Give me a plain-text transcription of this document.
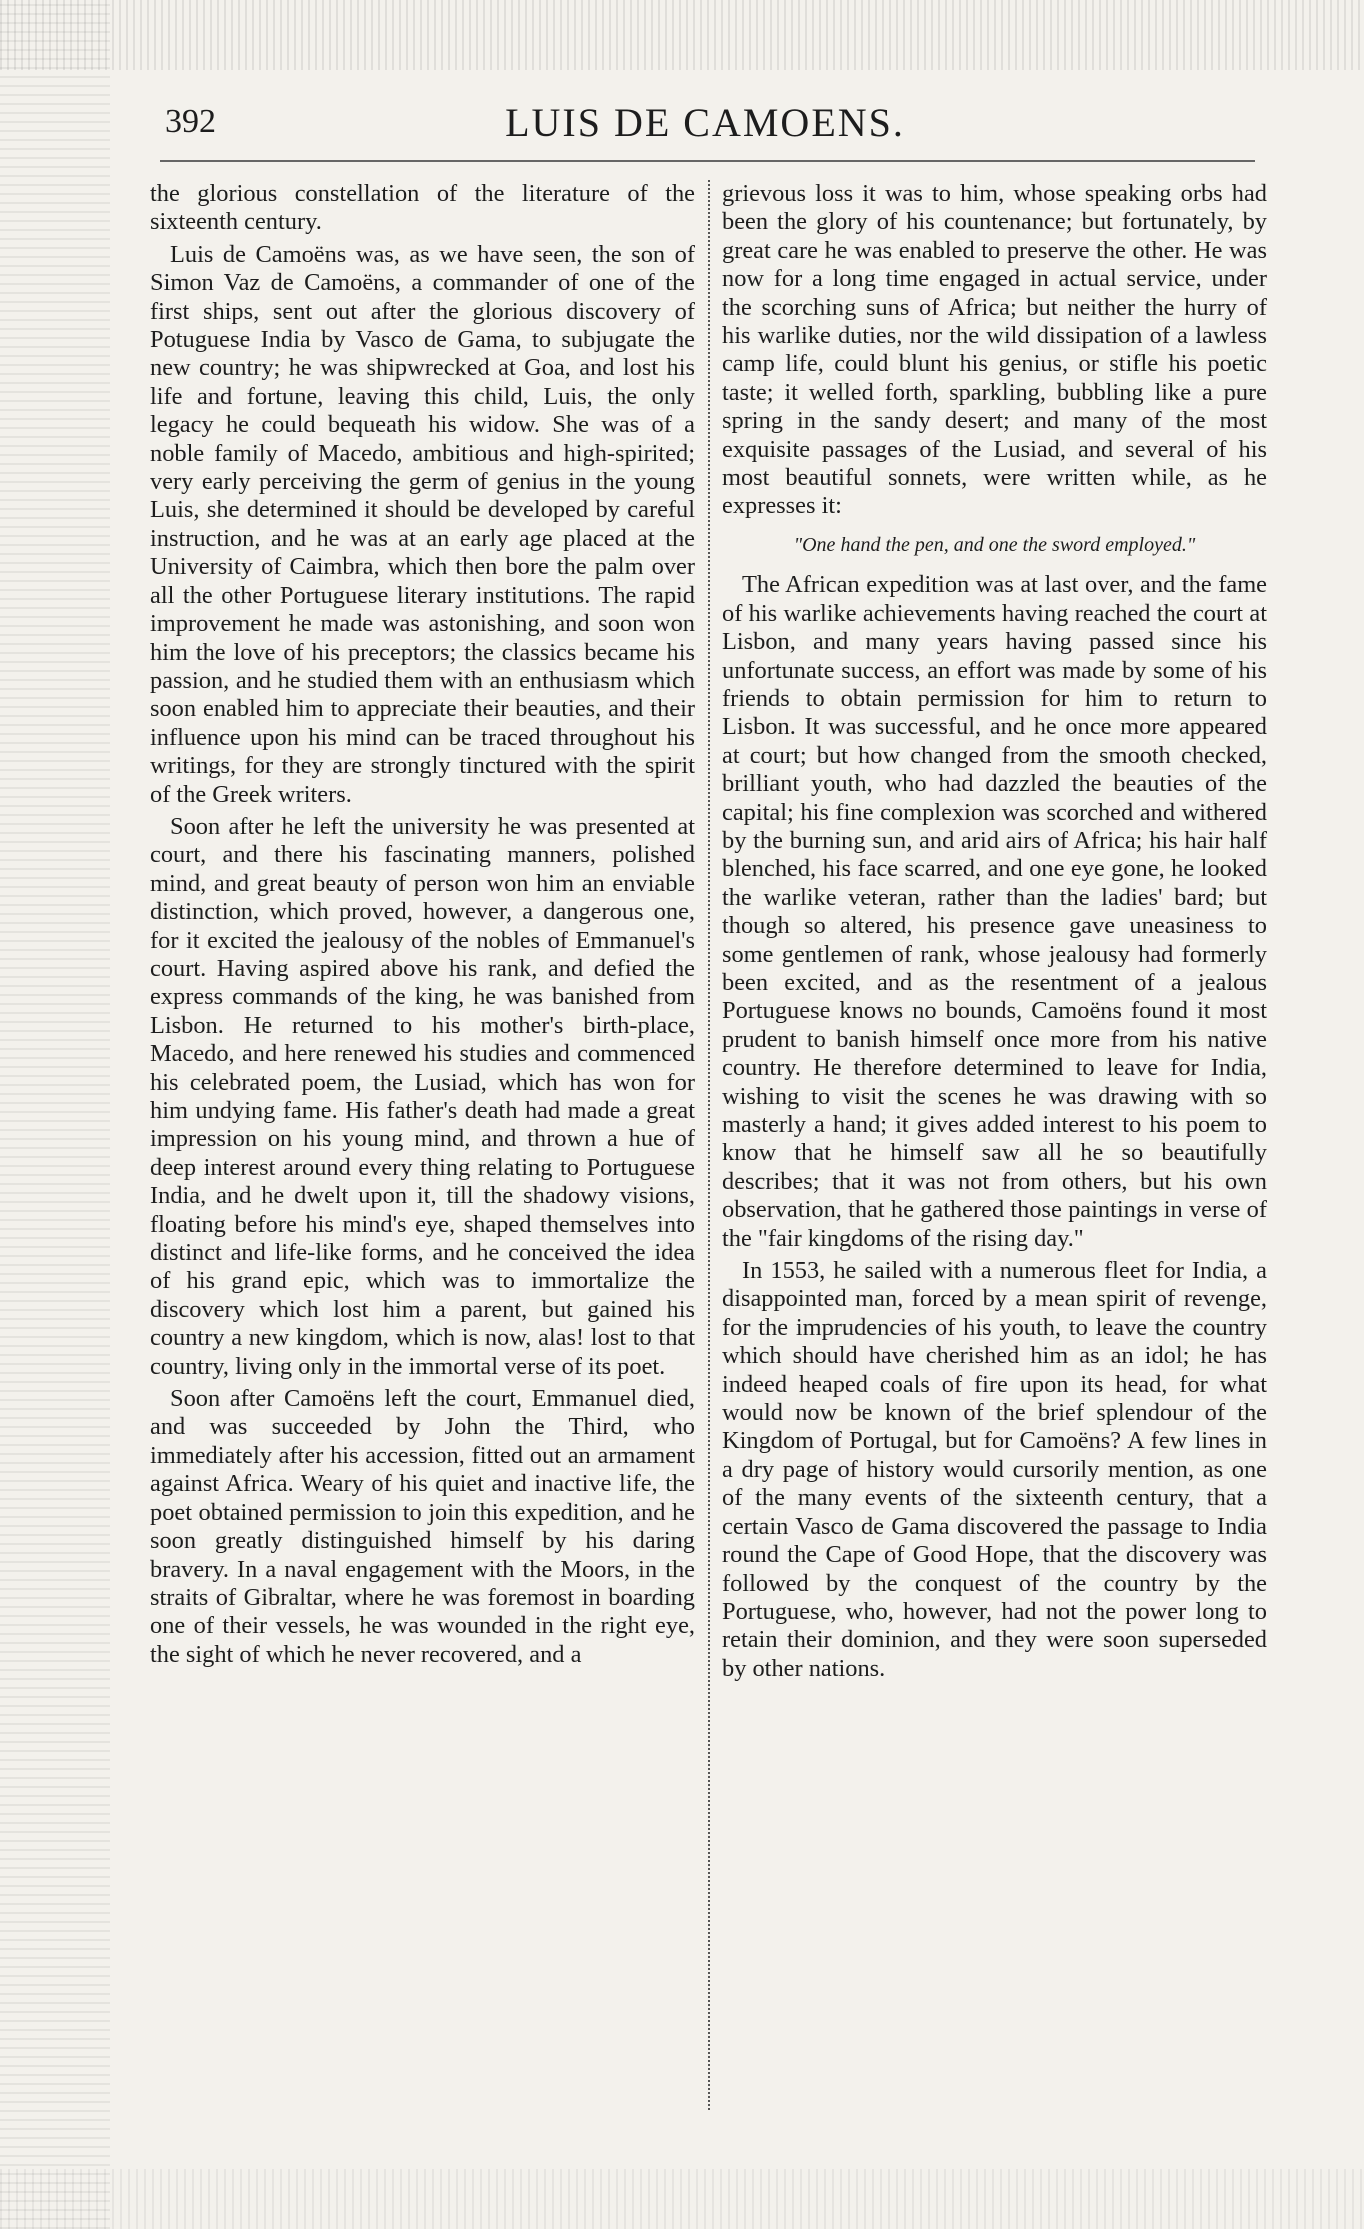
392	LUIS DE CAMOENS.

the glorious constellation of the literature of the sixteenth century.

Luis de Camoëns was, as we have seen, the son of Simon Vaz de Camoëns, a commander of one of the first ships, sent out after the glorious discovery of Potuguese India by Vasco de Gama, to subjugate the new country; he was shipwrecked at Goa, and lost his life and fortune, leaving this child, Luis, the only legacy he could bequeath his widow. She was of a noble family of Macedo, ambitious and high-spirited; very early perceiving the germ of genius in the young Luis, she determined it should be developed by careful instruction, and he was at an early age placed at the University of Caimbra, which then bore the palm over all the other Portuguese literary institutions. The rapid improvement he made was astonishing, and soon won him the love of his preceptors; the classics became his passion, and he studied them with an enthusiasm which soon enabled him to appreciate their beauties, and their influence upon his mind can be traced throughout his writings, for they are strongly tinctured with the spirit of the Greek writers.

Soon after he left the university he was presented at court, and there his fascinating manners, polished mind, and great beauty of person won him an enviable distinction, which proved, however, a dangerous one, for it excited the jealousy of the nobles of Emmanuel's court. Having aspired above his rank, and defied the express commands of the king, he was banished from Lisbon. He returned to his mother's birth-place, Macedo, and here renewed his studies and commenced his celebrated poem, the Lusiad, which has won for him undying fame. His father's death had made a great impression on his young mind, and thrown a hue of deep interest around every thing relating to Portuguese India, and he dwelt upon it, till the shadowy visions, floating before his mind's eye, shaped themselves into distinct and life-like forms, and he conceived the idea of his grand epic, which was to immortalize the discovery which lost him a parent, but gained his country a new kingdom, which is now, alas! lost to that country, living only in the immortal verse of its poet.

Soon after Camoëns left the court, Emmanuel died, and was succeeded by John the Third, who immediately after his accession, fitted out an armament against Africa. Weary of his quiet and inactive life, the poet obtained permission to join this expedition, and he soon greatly distinguished himself by his daring bravery. In a naval engagement with the Moors, in the straits of Gibraltar, where he was foremost in boarding one of their vessels, he was wounded in the right eye, the sight of which he never recovered, and a

grievous loss it was to him, whose speaking orbs had been the glory of his countenance; but fortunately, by great care he was enabled to preserve the other. He was now for a long time engaged in actual service, under the scorching suns of Africa; but neither the hurry of his warlike duties, nor the wild dissipation of a lawless camp life, could blunt his genius, or stifle his poetic taste; it welled forth, sparkling, bubbling like a pure spring in the sandy desert; and many of the most exquisite passages of the Lusiad, and several of his most beautiful sonnets, were written while, as he expresses it:

"One hand the pen, and one the sword employed."

The African expedition was at last over, and the fame of his warlike achievements having reached the court at Lisbon, and many years having passed since his unfortunate success, an effort was made by some of his friends to obtain permission for him to return to Lisbon. It was successful, and he once more appeared at court; but how changed from the smooth checked, brilliant youth, who had dazzled the beauties of the capital; his fine complexion was scorched and withered by the burning sun, and arid airs of Africa; his hair half blenched, his face scarred, and one eye gone, he looked the warlike veteran, rather than the ladies' bard; but though so altered, his presence gave uneasiness to some gentlemen of rank, whose jealousy had formerly been excited, and as the resentment of a jealous Portuguese knows no bounds, Camoëns found it most prudent to banish himself once more from his native country. He therefore determined to leave for India, wishing to visit the scenes he was drawing with so masterly a hand; it gives added interest to his poem to know that he himself saw all he so beautifully describes; that it was not from others, but his own observation, that he gathered those paintings in verse of the "fair kingdoms of the rising day."

In 1553, he sailed with a numerous fleet for India, a disappointed man, forced by a mean spirit of revenge, for the imprudencies of his youth, to leave the country which should have cherished him as an idol; he has indeed heaped coals of fire upon its head, for what would now be known of the brief splendour of the Kingdom of Portugal, but for Camoëns? A few lines in a dry page of history would cursorily mention, as one of the many events of the sixteenth century, that a certain Vasco de Gama discovered the passage to India round the Cape of Good Hope, that the discovery was followed by the conquest of the country by the Portuguese, who, however, had not the power long to retain their dominion, and they were soon superseded by other nations.
